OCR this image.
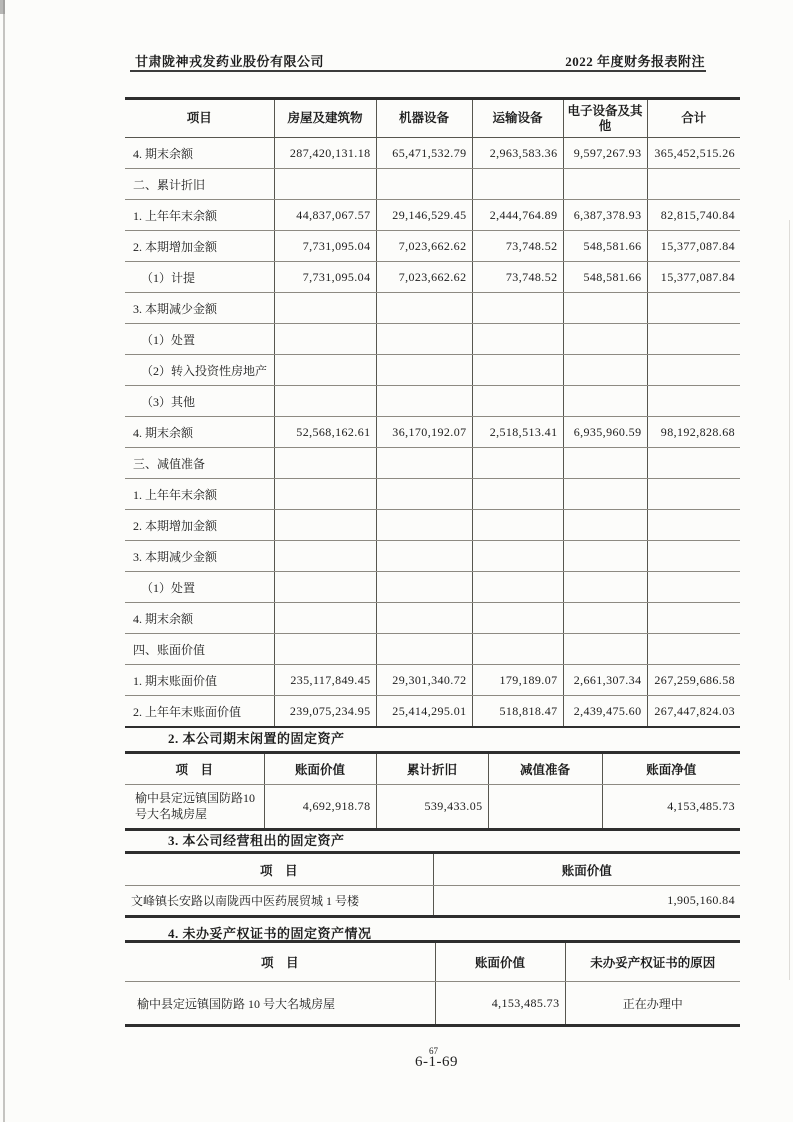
甘肃陇神戎发药业股份有限公司	2022 年度财务报表附注
项目	房屋及建筑物	机器设备	运输设备	电子设备及其他	合计
4. 期末余额	287,420,131.18	65,471,532.79	2,963,583.36	9,597,267.93	365,452,515.26
二、累计折旧					
1. 上年年末余额	44,837,067.57	29,146,529.45	2,444,764.89	6,387,378.93	82,815,740.84
2. 本期增加金额	7,731,095.04	7,023,662.62	73,748.52	548,581.66	15,377,087.84
（1）计提	7,731,095.04	7,023,662.62	73,748.52	548,581.66	15,377,087.84
3. 本期减少金额					
（1）处置					
（2）转入投资性房地产					
（3）其他					
4. 期末余额	52,568,162.61	36,170,192.07	2,518,513.41	6,935,960.59	98,192,828.68
三、减值准备					
1. 上年年末余额					
2. 本期增加金额					
3. 本期减少金额					
（1）处置					
4. 期末余额					
四、账面价值					
1. 期末账面价值	235,117,849.45	29,301,340.72	179,189.07	2,661,307.34	267,259,686.58
2. 上年年末账面价值	239,075,234.95	25,414,295.01	518,818.47	2,439,475.60	267,447,824.03
2. 本公司期末闲置的固定资产
项　目	账面价值	累计折旧	减值准备	账面净值
榆中县定远镇国防路10号大名城房屋	4,692,918.78	539,433.05		4,153,485.73
3. 本公司经营租出的固定资产
项　目	账面价值
文峰镇长安路以南陇西中医药展贸城 1 号楼	1,905,160.84
4. 未办妥产权证书的固定资产情况
项　目	账面价值	未办妥产权证书的原因
榆中县定远镇国防路 10 号大名城房屋	4,153,485.73	正在办理中
67
6-1-69
